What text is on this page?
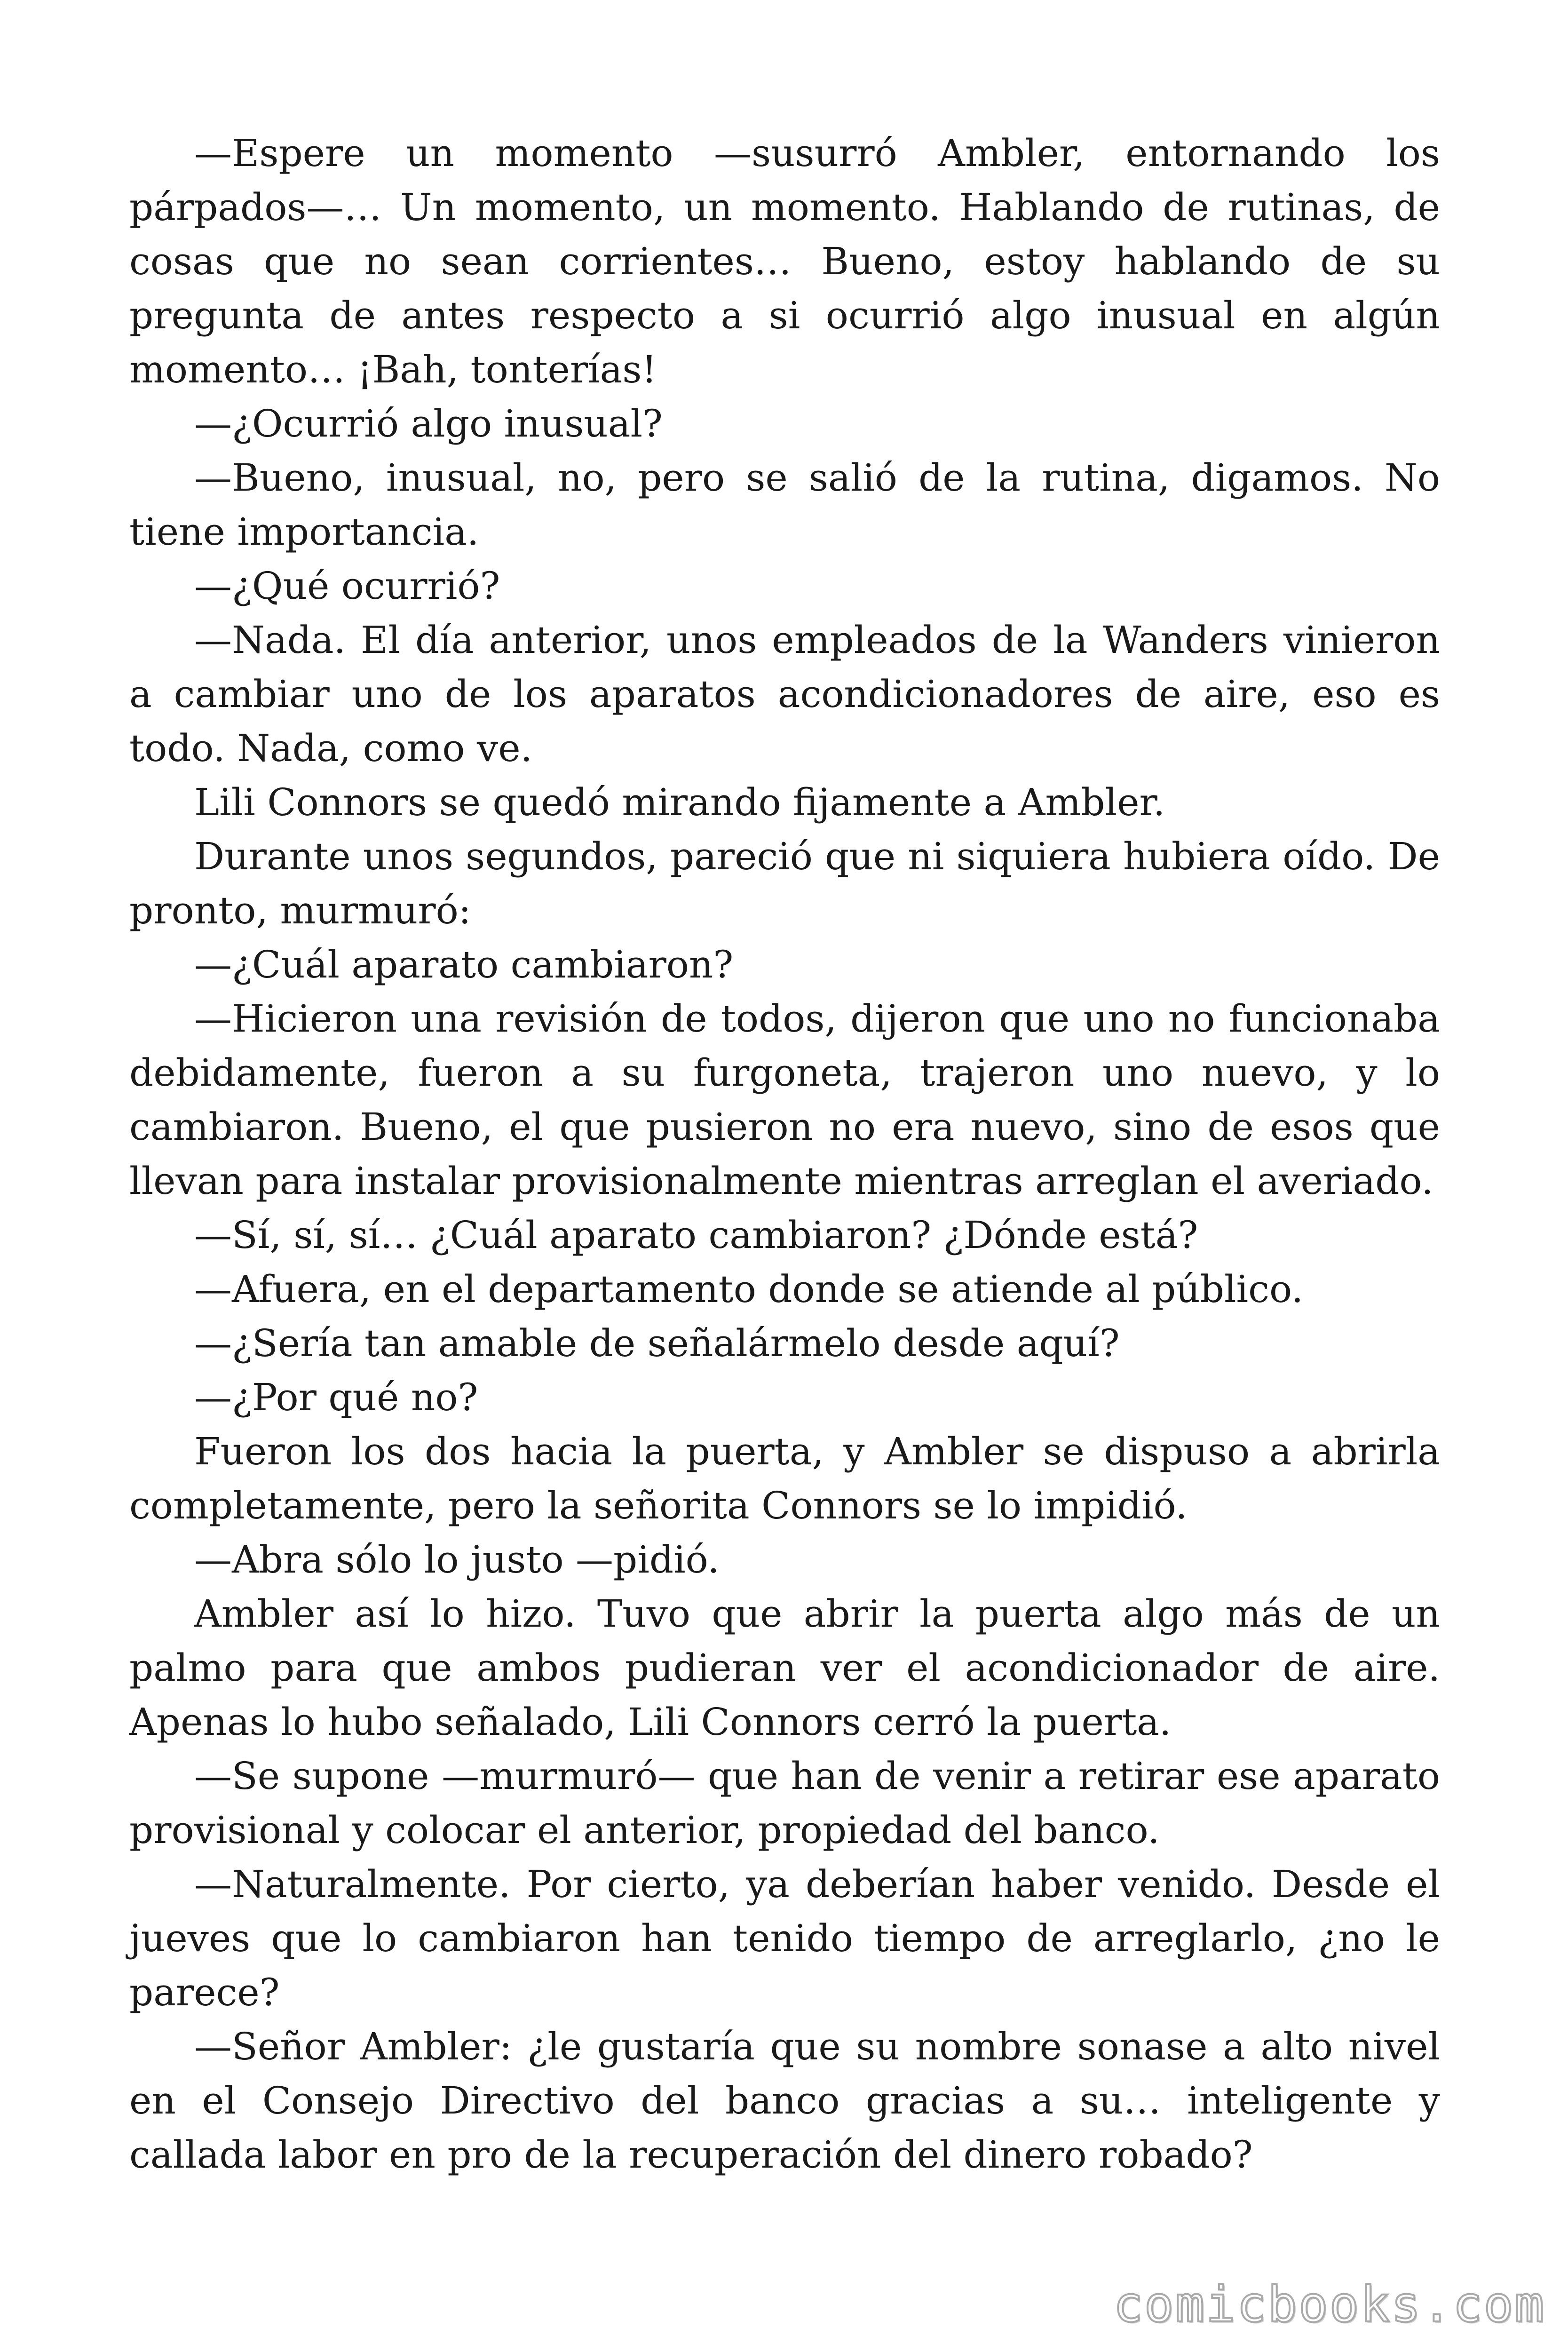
—Espere un momento —susurró Ambler, entornando los párpados—… Un momento, un momento. Hablando de rutinas, de cosas que no sean corrientes… Bueno, estoy hablando de su pregunta de antes respecto a si ocurrió algo inusual en algún momento… ¡Bah, tonterías!

—¿Ocurrió algo inusual?

—Bueno, inusual, no, pero se salió de la rutina, digamos. No tiene importancia.

—¿Qué ocurrió?

—Nada. El día anterior, unos empleados de la Wanders vinieron a cambiar uno de los aparatos acondicionadores de aire, eso es todo. Nada, como ve.

Lili Connors se quedó mirando fijamente a Ambler.

Durante unos segundos, pareció que ni siquiera hubiera oído. De pronto, murmuró:

—¿Cuál aparato cambiaron?

—Hicieron una revisión de todos, dijeron que uno no funcionaba debidamente, fueron a su furgoneta, trajeron uno nuevo, y lo cambiaron. Bueno, el que pusieron no era nuevo, sino de esos que llevan para instalar provisionalmente mientras arreglan el averiado.

—Sí, sí, sí… ¿Cuál aparato cambiaron? ¿Dónde está?

—Afuera, en el departamento donde se atiende al público.

—¿Sería tan amable de señalármelo desde aquí?

—¿Por qué no?

Fueron los dos hacia la puerta, y Ambler se dispuso a abrirla completamente, pero la señorita Connors se lo impidió.

—Abra sólo lo justo —pidió.

Ambler así lo hizo. Tuvo que abrir la puerta algo más de un palmo para que ambos pudieran ver el acondicionador de aire. Apenas lo hubo señalado, Lili Connors cerró la puerta.

—Se supone —murmuró— que han de venir a retirar ese aparato provisional y colocar el anterior, propiedad del banco.

—Naturalmente. Por cierto, ya deberían haber venido. Desde el jueves que lo cambiaron han tenido tiempo de arreglarlo, ¿no le parece?

—Señor Ambler: ¿le gustaría que su nombre sonase a alto nivel en el Consejo Directivo del banco gracias a su… inteligente y callada labor en pro de la recuperación del dinero robado?

comicbooks.com
